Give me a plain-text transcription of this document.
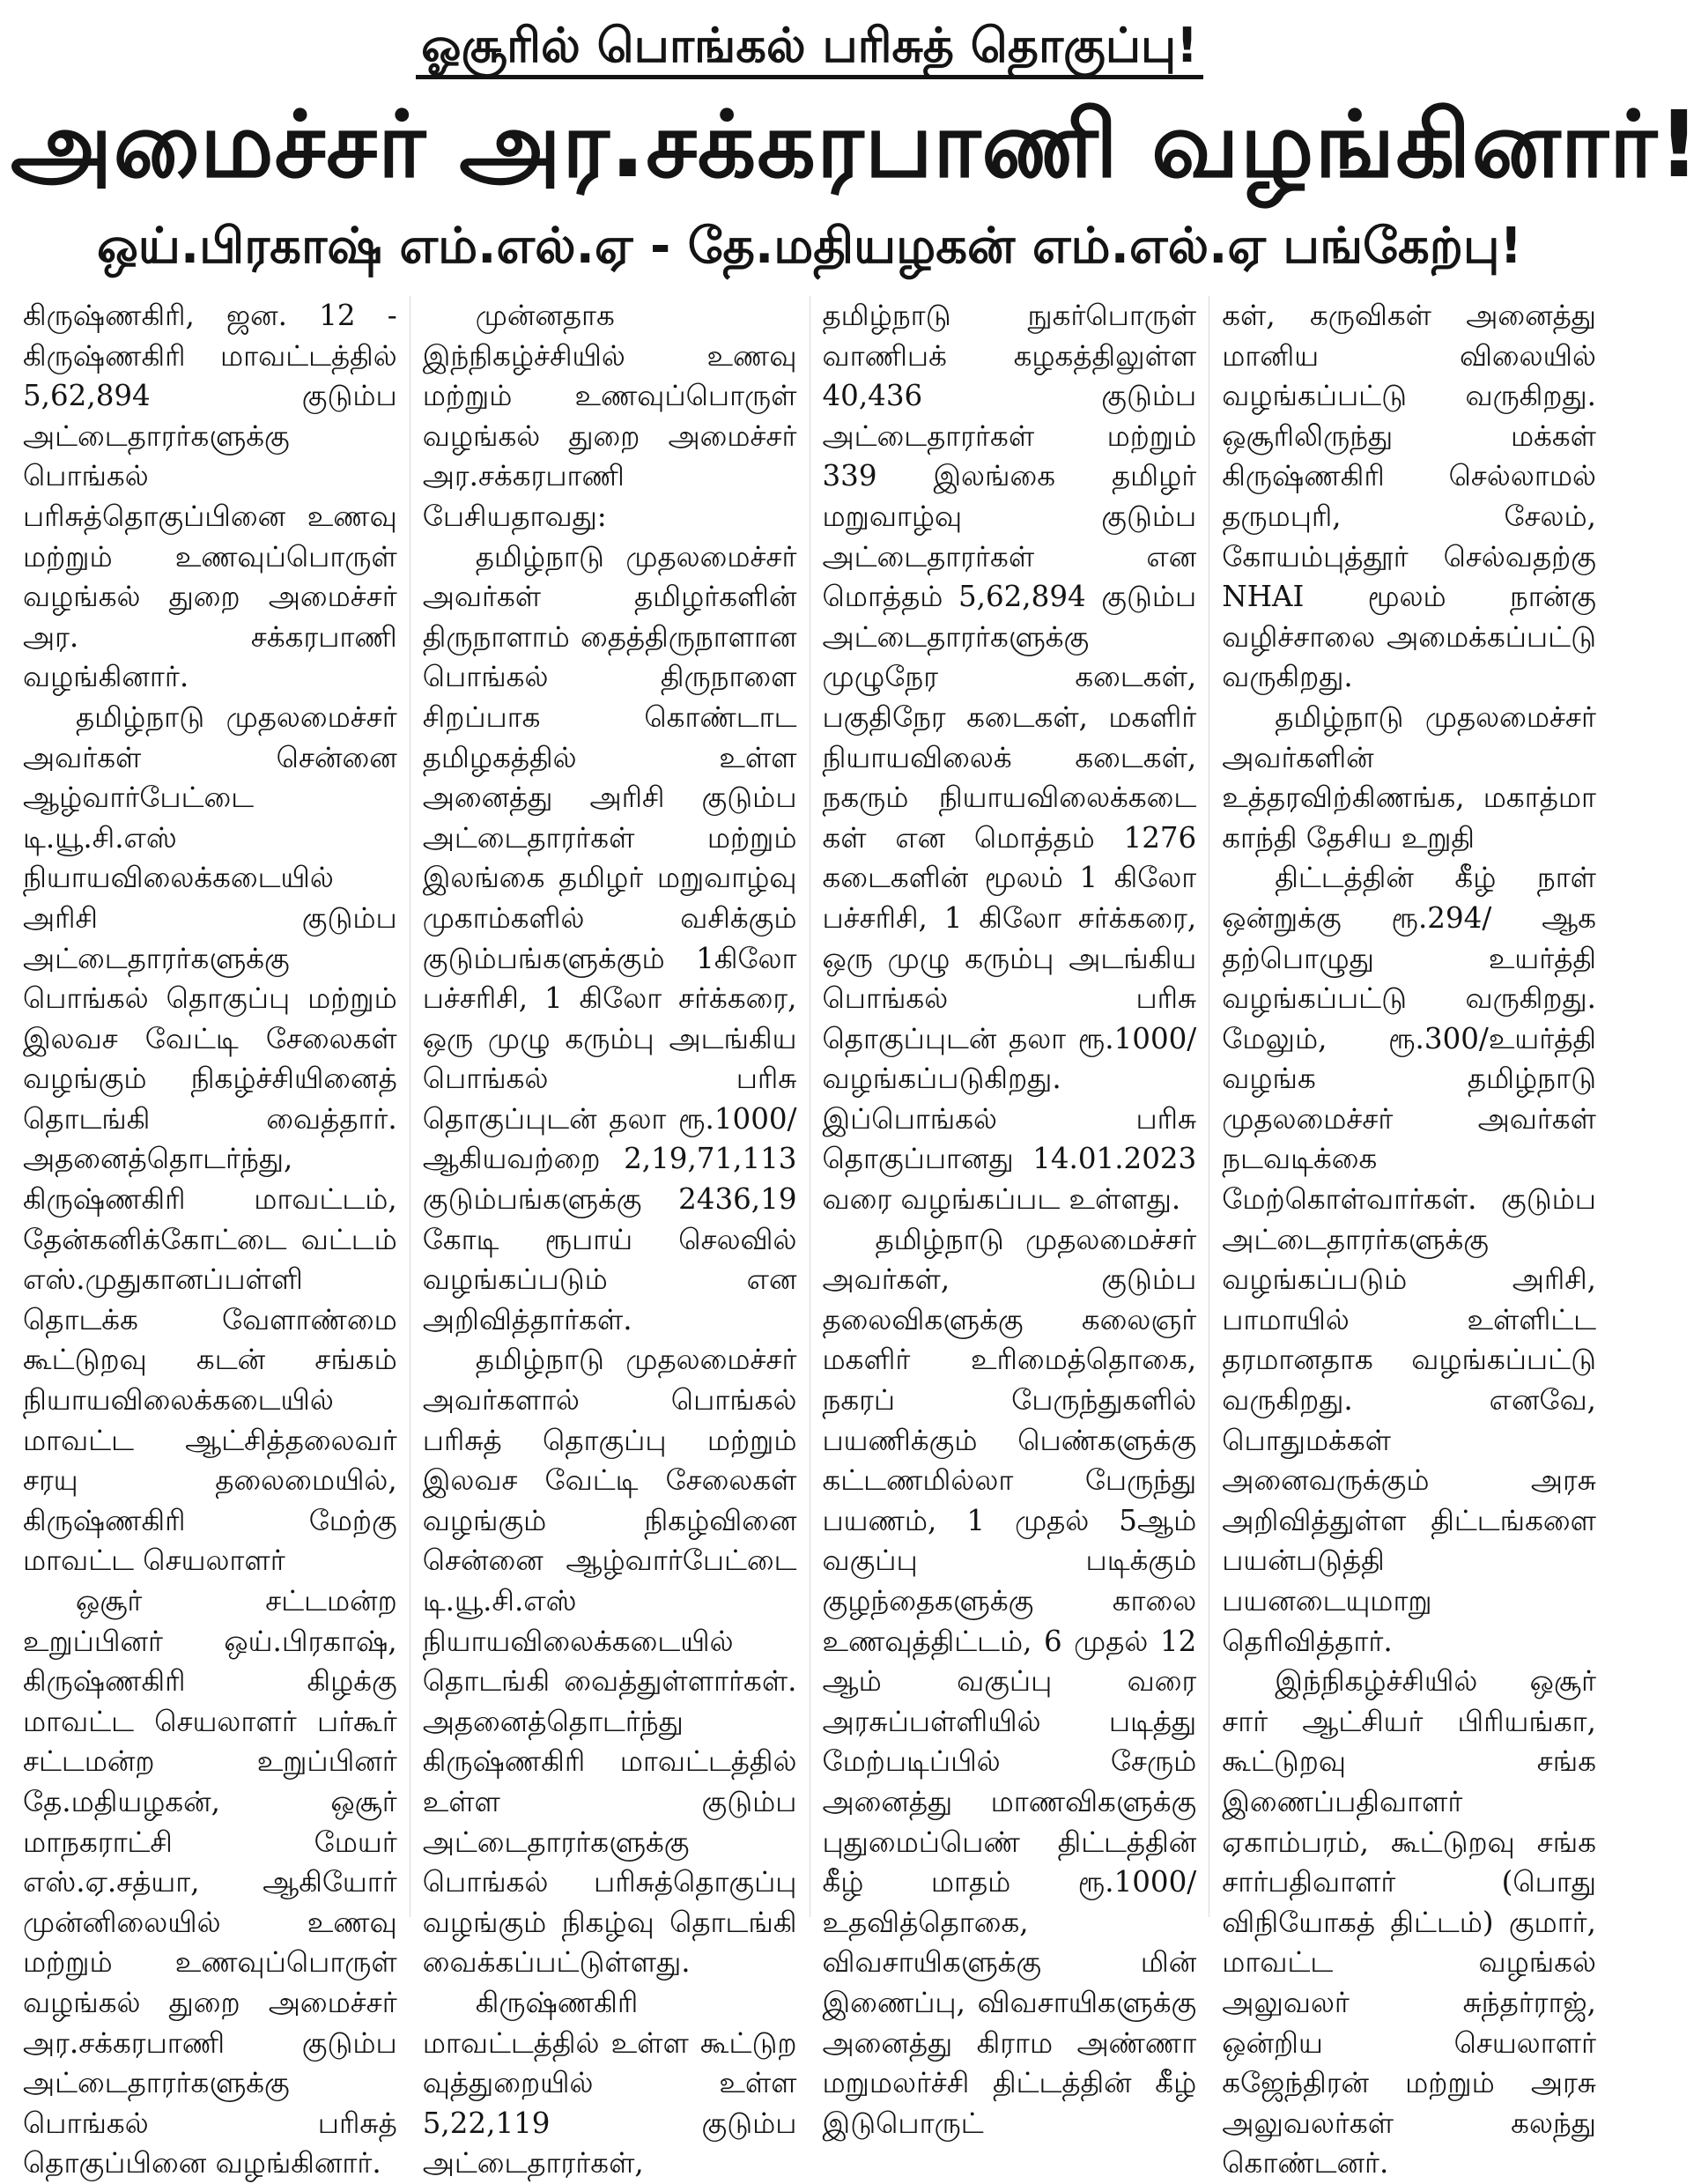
ஓசூரில் பொங்கல் பரிசுத் தொகுப்பு!
அமைச்சர் அர.சக்கரபாணி வழங்கினார்!
ஒய்.பிரகாஷ் எம்.எல்.ஏ - தே.மதியழகன் எம்.எல்.ஏ பங்கேற்பு!

கிருஷ்ணகிரி, ஜன. 12 - கிருஷ்ணகிரி மாவட்டத்தில் 5,62,894 குடும்ப அட்டைதாரர்களுக்கு பொங்கல் பரிசுத்தொகுப்பினை உணவு மற்றும் உணவுப்பொருள் வழங்கல் துறை அமைச்சர் அர. சக்கரபாணி வழங்கினார்.

தமிழ்நாடு முதலமைச்சர் அவர்கள் சென்னை ஆழ்வார்பேட்டை டி.யூ.சி.எஸ் நியாயவிலைக்கடையில் அரிசி குடும்ப அட்டைதாரர்களுக்கு பொங்கல் தொகுப்பு மற்றும் இலவச வேட்டி சேலைகள் வழங்கும் நிகழ்ச்சியினைத் தொடங்கி வைத்தார். அதனைத்தொடர்ந்து, கிருஷ்ணகிரி மாவட்டம், தேன்கனிக்கோட்டை வட்டம் எஸ்.முதுகானப்பள்ளி தொடக்க வேளாண்மை கூட்டுறவு கடன் சங்கம் நியாயவிலைக்கடையில் மாவட்ட ஆட்சித்தலைவர் சரயு தலைமையில், கிருஷ்ணகிரி மேற்கு மாவட்ட செயலாளர்

ஒசூர் சட்டமன்ற உறுப்பினர் ஒய்.பிரகாஷ், கிருஷ்ணகிரி கிழக்கு மாவட்ட செயலாளர் பர்கூர் சட்டமன்ற உறுப்பினர் தே.மதியழகன், ஒசூர் மாநகராட்சி மேயர் எஸ்.ஏ.சத்யா, ஆகியோர் முன்னிலையில் உணவு மற்றும் உணவுப்பொருள் வழங்கல் துறை அமைச்சர் அர.சக்கரபாணி குடும்ப அட்டைதாரர்களுக்கு பொங்கல் பரிசுத் தொகுப்பினை வழங்கினார்.

முன்னதாக இந்நிகழ்ச்சியில் உணவு மற்றும் உணவுப்பொருள் வழங்கல் துறை அமைச்சர் அர.சக்கரபாணி பேசியதாவது:

தமிழ்நாடு முதலமைச்சர் அவர்கள் தமிழர்களின் திருநாளாம் தைத்திருநாளான பொங்கல் திருநாளை சிறப்பாக கொண்டாட தமிழகத்தில் உள்ள அனைத்து அரிசி குடும்ப அட்டைதாரர்கள் மற்றும் இலங்கை தமிழர் மறுவாழ்வு முகாம்களில் வசிக்கும் குடும்பங்களுக்கும் 1கிலோ பச்சரிசி, 1 கிலோ சர்க்கரை, ஒரு முழு கரும்பு அடங்கிய பொங்கல் பரிசு தொகுப்புடன் தலா ரூ.1000/ ஆகியவற்றை 2,19,71,113 குடும்பங்களுக்கு 2436,19 கோடி ரூபாய் செலவில் வழங்கப்படும் என அறிவித்தார்கள்.

தமிழ்நாடு முதலமைச்சர் அவர்களால் பொங்கல் பரிசுத் தொகுப்பு மற்றும் இலவச வேட்டி சேலைகள் வழங்கும் நிகழ்வினை சென்னை ஆழ்வார்பேட்டை டி.யூ.சி.எஸ் நியாயவிலைக்கடையில் தொடங்கி வைத்துள்ளார்கள். அதனைத்தொடர்ந்து கிருஷ்ணகிரி மாவட்டத்தில் உள்ள குடும்ப அட்டைதாரர்களுக்கு பொங்கல் பரிசுத்தொகுப்பு வழங்கும் நிகழ்வு தொடங்கி வைக்கப்பட்டுள்ளது.

கிருஷ்ணகிரி மாவட்டத்தில் உள்ள கூட்டுற வுத்துறையில் உள்ள 5,22,119 குடும்ப அட்டைதாரர்கள்,

தமிழ்நாடு நுகர்பொருள் வாணிபக் கழகத்திலுள்ள 40,436 குடும்ப அட்டைதாரர்கள் மற்றும் 339 இலங்கை தமிழர் மறுவாழ்வு குடும்ப அட்டைதாரர்கள் என மொத்தம் 5,62,894 குடும்ப அட்டைதாரர்களுக்கு முழுநேர கடைகள், பகுதிநேர கடைகள், மகளிர் நியாயவிலைக் கடைகள், நகரும் நியாயவிலைக்கடை கள் என மொத்தம் 1276 கடைகளின் மூலம் 1 கிலோ பச்சரிசி, 1 கிலோ சர்க்கரை, ஒரு முழு கரும்பு அடங்கிய பொங்கல் பரிசு தொகுப்புடன் தலா ரூ.1000/ வழங்கப்படுகிறது. இப்பொங்கல் பரிசு தொகுப்பானது 14.01.2023 வரை வழங்கப்பட உள்ளது.

தமிழ்நாடு முதலமைச்சர் அவர்கள், குடும்ப தலைவிகளுக்கு கலைஞர் மகளிர் உரிமைத்தொகை, நகரப் பேருந்துகளில் பயணிக்கும் பெண்களுக்கு கட்டணமில்லா பேருந்து பயணம், 1 முதல் 5ஆம் வகுப்பு படிக்கும் குழந்தைகளுக்கு காலை உணவுத்திட்டம், 6 முதல் 12 ஆம் வகுப்பு வரை அரசுப்பள்ளியில் படித்து மேற்படிப்பில் சேரும் அனைத்து மாணவிகளுக்கு புதுமைப்பெண் திட்டத்தின் கீழ் மாதம் ரூ.1000/ உதவித்தொகை, விவசாயிகளுக்கு மின் இணைப்பு, விவசாயிகளுக்கு அனைத்து கிராம அண்ணா மறுமலர்ச்சி திட்டத்தின் கீழ் இடுபொருட்

கள், கருவிகள் அனைத்து மானிய விலையில் வழங்கப்பட்டு வருகிறது. ஒசூரிலிருந்து மக்கள் கிருஷ்ணகிரி செல்லாமல் தருமபுரி, சேலம், கோயம்புத்தூர் செல்வதற்கு NHAI மூலம் நான்கு வழிச்சாலை அமைக்கப்பட்டு வருகிறது.

தமிழ்நாடு முதலமைச்சர் அவர்களின் உத்தரவிற்கிணங்க, மகாத்மா காந்தி தேசிய உறுதி

திட்டத்தின் கீழ் நாள் ஒன்றுக்கு ரூ.294/ ஆக தற்பொழுது உயர்த்தி வழங்கப்பட்டு வருகிறது. மேலும், ரூ.300/உயர்த்தி வழங்க தமிழ்நாடு முதலமைச்சர் அவர்கள் நடவடிக்கை மேற்கொள்வார்கள். குடும்ப அட்டைதாரர்களுக்கு வழங்கப்படும் அரிசி, பாமாயில் உள்ளிட்ட தரமானதாக வழங்கப்பட்டு வருகிறது. எனவே, பொதுமக்கள் அனைவருக்கும் அரசு அறிவித்துள்ள திட்டங்களை பயன்படுத்தி பயனடையுமாறு தெரிவித்தார்.

இந்நிகழ்ச்சியில் ஒசூர் சார் ஆட்சியர் பிரியங்கா, கூட்டுறவு சங்க இணைப்பதிவாளர் ஏகாம்பரம், கூட்டுறவு சங்க சார்பதிவாளர் (பொது விநியோகத் திட்டம்) குமார், மாவட்ட வழங்கல் அலுவலர் சுந்தர்ராஜ், ஒன்றிய செயலாளர் கஜேந்திரன் மற்றும் அரசு அலுவலர்கள் கலந்து கொண்டனர்.
